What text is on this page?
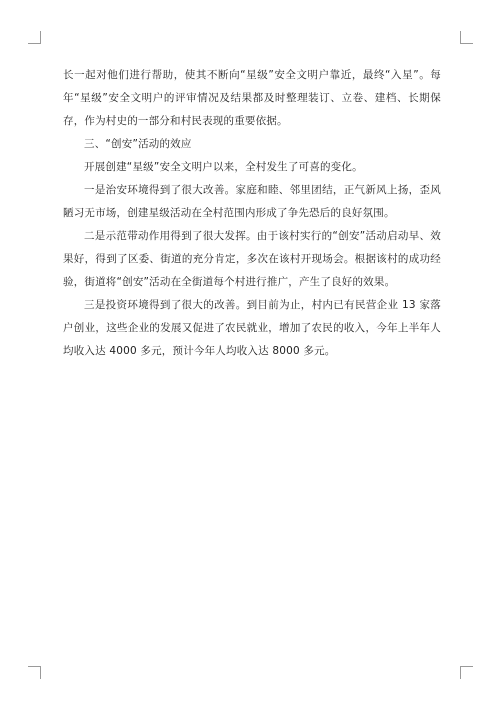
长一起对他们进行帮助，使其不断向“星级”安全文明户靠近，最终“入星”。每年“星级”安全文明户的评审情况及结果都及时整理装订、立卷、建档、长期保存，作为村史的一部分和村民表现的重要依据。

三、“创安”活动的效应

开展创建“星级”安全文明户以来，全村发生了可喜的变化。

一是治安环境得到了很大改善。家庭和睦、邻里团结，正气新风上扬，歪风陋习无市场，创建星级活动在全村范围内形成了争先恐后的良好氛围。

二是示范带动作用得到了很大发挥。由于该村实行的“创安”活动启动早、效果好，得到了区委、街道的充分肯定，多次在该村开现场会。根据该村的成功经验，街道将“创安”活动在全街道每个村进行推广，产生了良好的效果。

三是投资环境得到了很大的改善。到目前为止，村内已有民营企业 13 家落户创业，这些企业的发展又促进了农民就业，增加了农民的收入，今年上半年人均收入达 4000 多元，预计今年人均收入达 8000 多元。
